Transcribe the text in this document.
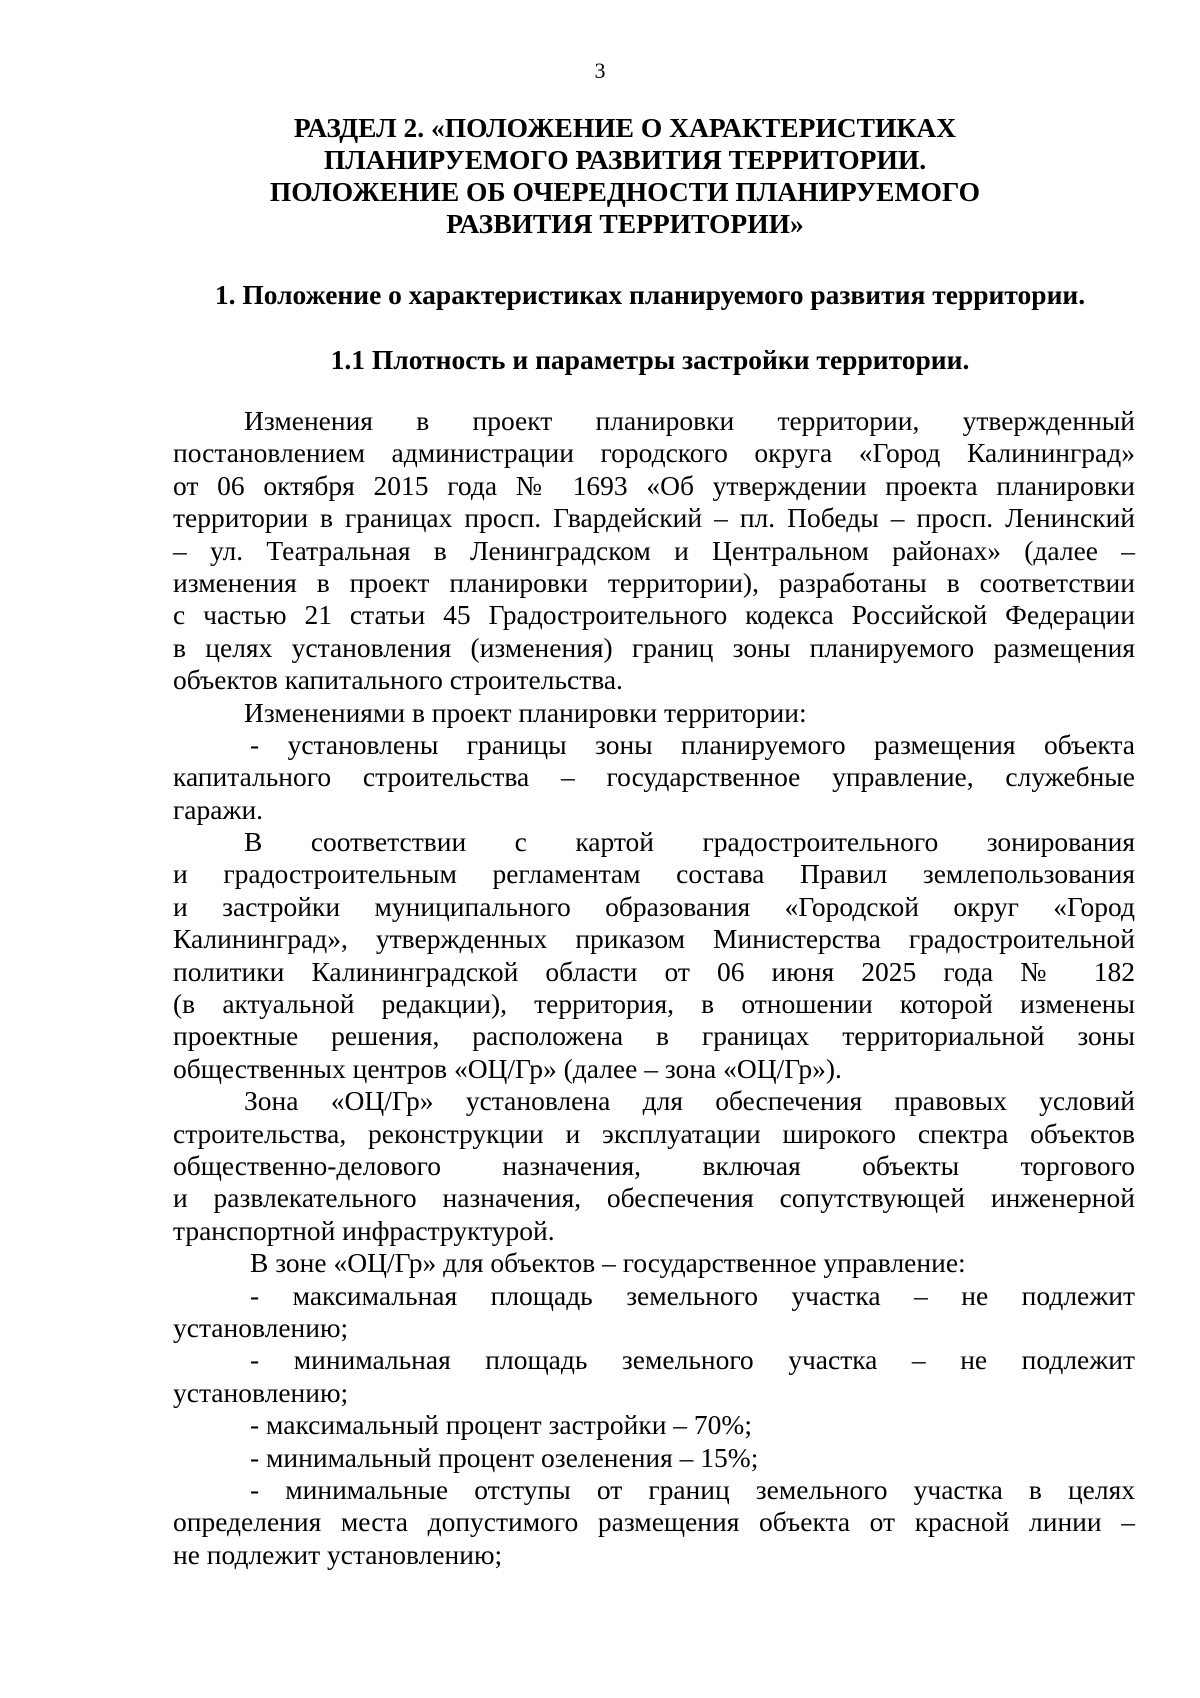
3
РАЗДЕЛ 2. «ПОЛОЖЕНИЕ О ХАРАКТЕРИСТИКАХ
ПЛАНИРУЕМОГО РАЗВИТИЯ ТЕРРИТОРИИ.
ПОЛОЖЕНИЕ ОБ ОЧЕРЕДНОСТИ ПЛАНИРУЕМОГО
РАЗВИТИЯ ТЕРРИТОРИИ»
1. Положение о характеристиках планируемого развития территории.
1.1 Плотность и параметры застройки территории.
Изменения в проект планировки территории, утвержденный
постановлением администрации городского округа «Город Калининград»
от 06 октября 2015 года № 1693 «Об утверждении проекта планировки
территории в границах просп. Гвардейский – пл. Победы – просп. Ленинский
– ул. Театральная в Ленинградском и Центральном районах» (далее –
изменения в проект планировки территории), разработаны в соответствии
с частью 21 статьи 45 Градостроительного кодекса Российской Федерации
в целях установления (изменения) границ зоны планируемого размещения
объектов капитального строительства.
Изменениями в проект планировки территории:
- установлены границы зоны планируемого размещения объекта
капитального строительства – государственное управление, служебные
гаражи.
В соответствии с картой градостроительного зонирования
и градостроительным регламентам состава Правил землепользования
и застройки муниципального образования «Городской округ «Город
Калининград», утвержденных приказом Министерства градостроительной
политики Калининградской области от 06 июня 2025 года № 182
(в актуальной редакции), территория, в отношении которой изменены
проектные решения, расположена в границах территориальной зоны
общественных центров «ОЦ/Гр» (далее – зона «ОЦ/Гр»).
Зона «ОЦ/Гр» установлена для обеспечения правовых условий
строительства, реконструкции и эксплуатации широкого спектра объектов
общественно-делового назначения, включая объекты торгового
и развлекательного назначения, обеспечения сопутствующей инженерной
транспортной инфраструктурой.
В зоне «ОЦ/Гр» для объектов – государственное управление:
- максимальная площадь земельного участка – не подлежит
установлению;
- минимальная площадь земельного участка – не подлежит
установлению;
- максимальный процент застройки – 70%;
- минимальный процент озеленения – 15%;
- минимальные отступы от границ земельного участка в целях
определения места допустимого размещения объекта от красной линии –
не подлежит установлению;
